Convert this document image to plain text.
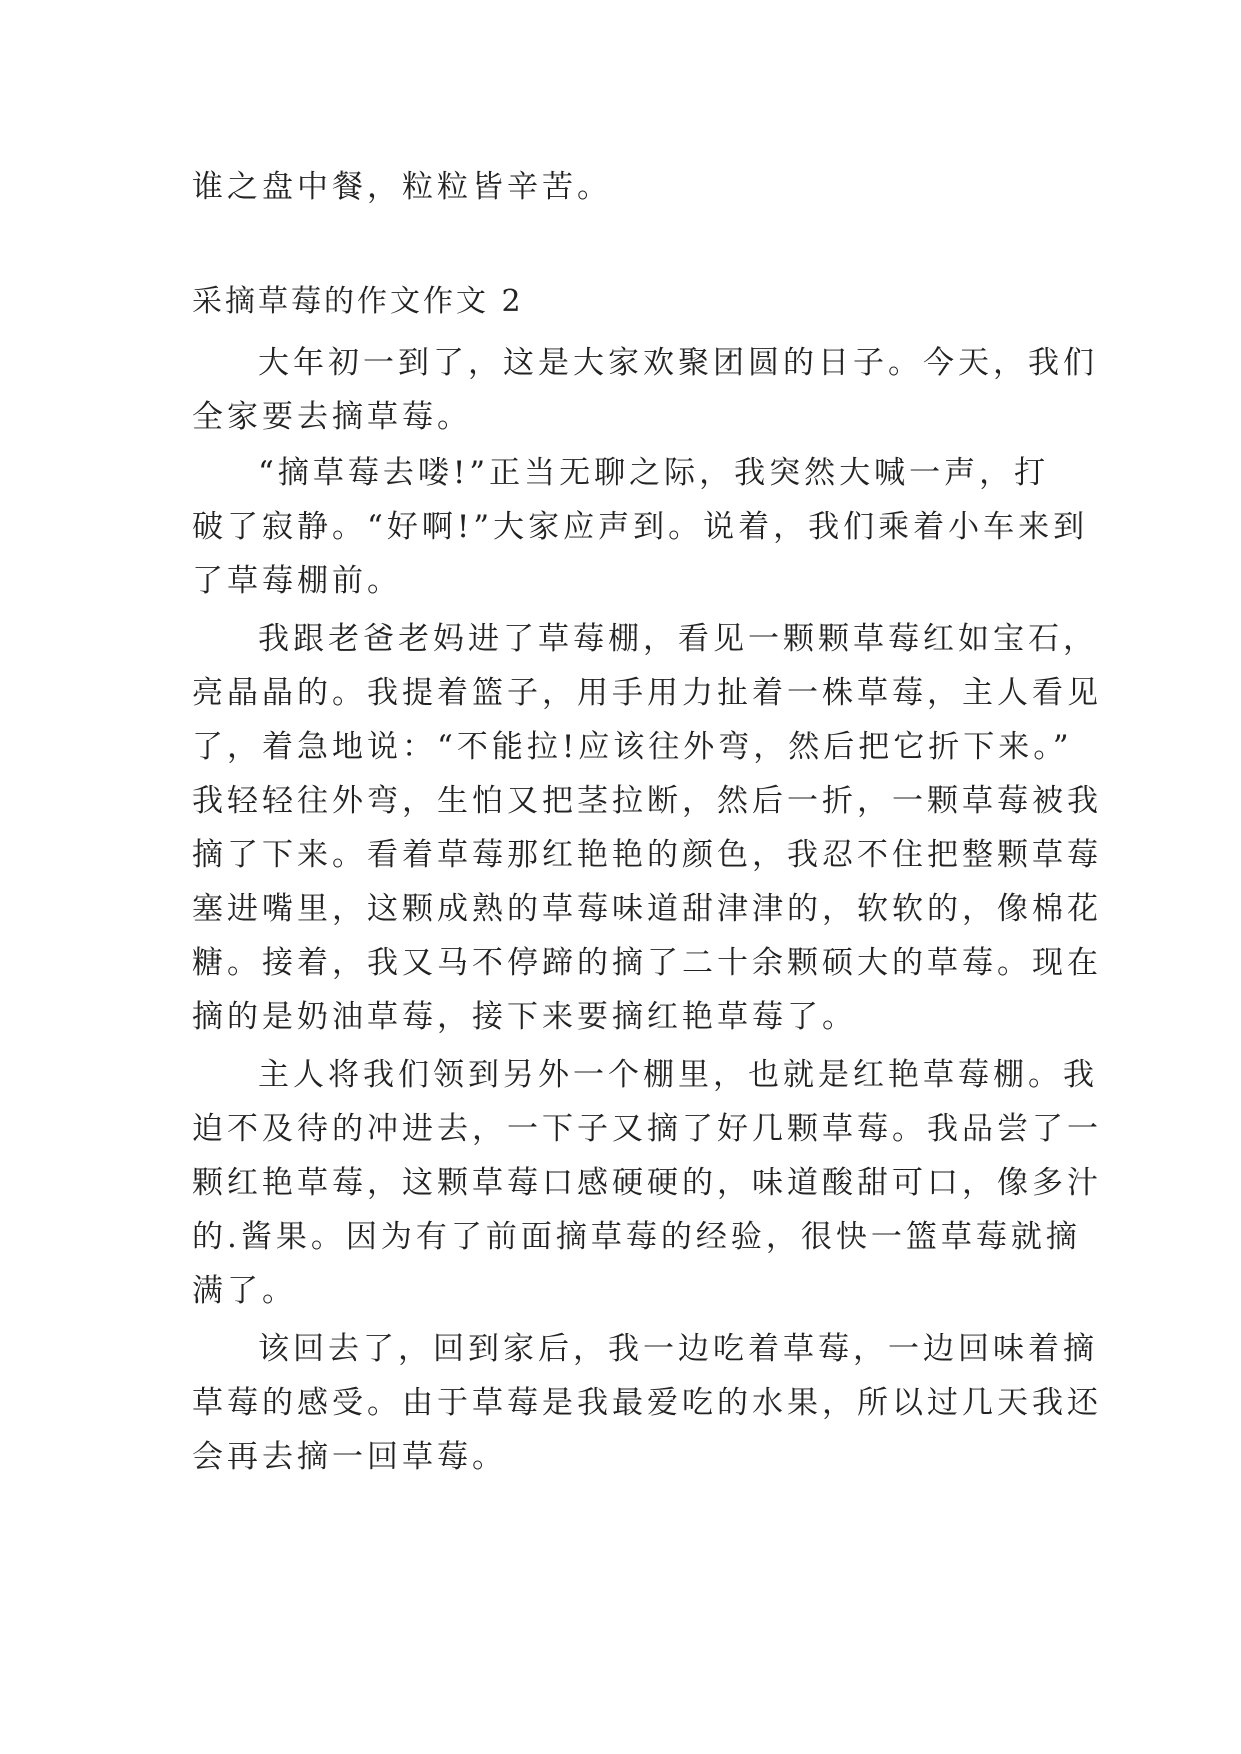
谁之盘中餐，粒粒皆辛苦。
采摘草莓的作文作文 2
大年初一到了，这是大家欢聚团圆的日子。今天，我们
全家要去摘草莓。
“摘草莓去喽!”正当无聊之际，我突然大喊一声，打
破了寂静。“好啊!”大家应声到。说着，我们乘着小车来到
了草莓棚前。
我跟老爸老妈进了草莓棚，看见一颗颗草莓红如宝石，
亮晶晶的。我提着篮子，用手用力扯着一株草莓，主人看见
了，着急地说：“不能拉!应该往外弯，然后把它折下来。”
我轻轻往外弯，生怕又把茎拉断，然后一折，一颗草莓被我
摘了下来。看着草莓那红艳艳的颜色，我忍不住把整颗草莓
塞进嘴里，这颗成熟的草莓味道甜津津的，软软的，像棉花
糖。接着，我又马不停蹄的摘了二十余颗硕大的草莓。现在
摘的是奶油草莓，接下来要摘红艳草莓了。
主人将我们领到另外一个棚里，也就是红艳草莓棚。我
迫不及待的冲进去，一下子又摘了好几颗草莓。我品尝了一
颗红艳草莓，这颗草莓口感硬硬的，味道酸甜可口，像多汁
的.酱果。因为有了前面摘草莓的经验，很快一篮草莓就摘
满了。
该回去了，回到家后，我一边吃着草莓，一边回味着摘
草莓的感受。由于草莓是我最爱吃的水果，所以过几天我还
会再去摘一回草莓。
